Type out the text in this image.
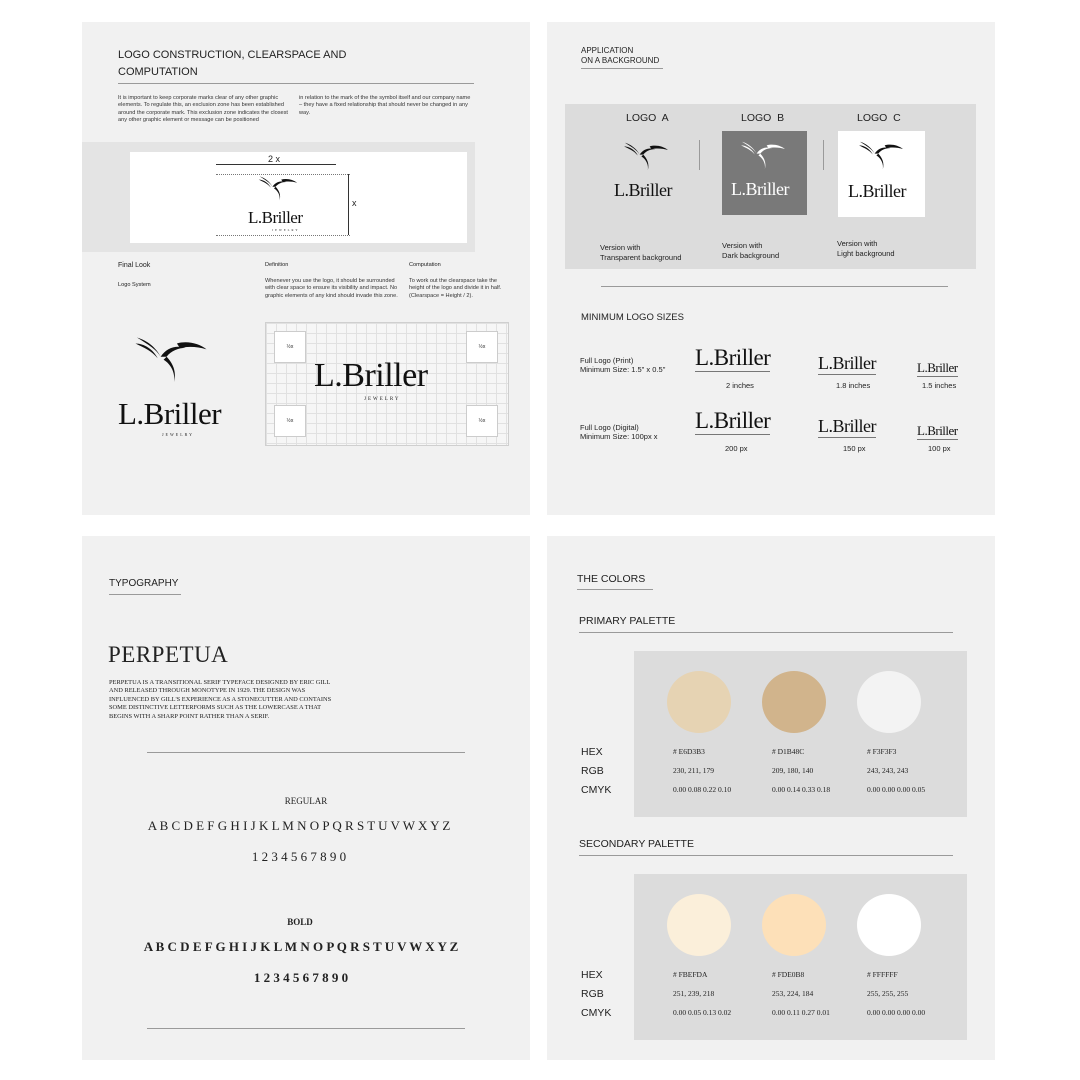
LOGO CONSTRUCTION, CLEARSPACE AND
COMPUTATION
It is important to keep corporate marks clear of any other graphic elements. To regulate this, an exclusion zone has been established around the corporate mark. This exclusion zone indicates the closest any other graphic element or message can be positioned
in relation to the mark of the the symbol itself and our company name – they have a fixed relationship that should never be changed in any way.
2 x
x
L.Briller
JEWELRY
Final Look
Logo System
Definition
Whenever you use the logo, it should be surrounded with clear space to ensure its visibility and impact. No graphic elements of any kind should invade this zone.
Computation
To work out the clearspace take the height of the logo and divide it in half. (Clearspace = Height / 2).
L.Briller
JEWELRY
½x	½x
½x	½x
L.Briller
JEWELRY
APPLICATION
ON A BACKGROUND
LOGO  A
L.Briller
Version with
Transparent background
LOGO  B
L.Briller
Version with
Dark background
LOGO  C
L.Briller
Version with
Light background
MINIMUM LOGO SIZES
Full Logo (Print)
Minimum Size: 1.5" x 0.5" L.Briller
2 inches
L.Briller
1.8 inches
L.Briller
1.5 inches
Full Logo (Digital)
Minimum Size: 100px x
L.Briller
200 px
L.Briller
150 px
L.Briller
100 px
TYPOGRAPHY
PERPETUA
PERPETUA IS A TRANSITIONAL SERIF TYPEFACE DESIGNED BY ERIC GILL AND RELEASED THROUGH MONOTYPE IN 1929. THE DESIGN WAS INFLUENCED BY GILL'S EXPERIENCE AS A STONECUTTER AND CONTAINS SOME DISTINCTIVE LETTERFORMS SUCH AS THE LOWERCASE A THAT BEGINS WITH A SHARP POINT RATHER THAN A SERIF.
REGULAR
A B C D E F G H I J K L M N O P Q R S T U V W X Y Z
1 2 3 4 5 6 7 8 9 0
BOLD
A B C D E F G H I J K L M N O P Q R S T U V W X Y Z
1 2 3 4 5 6 7 8 9 0
THE COLORS
PRIMARY PALETTE
HEX
RGB
CMYK
# E6D3B3
230, 211, 179
0.00 0.08 0.22 0.10
# D1B48C
209, 180, 140
0.00 0.14 0.33 0.18
# F3F3F3
243, 243, 243
0.00 0.00 0.00 0.05
SECONDARY PALETTE
HEX
RGB
CMYK
# FBEFDA
251, 239, 218
0.00 0.05 0.13 0.02
# FDE0B8
253, 224, 184
0.00 0.11 0.27 0.01
# FFFFFF
255, 255, 255
0.00 0.00 0.00 0.00
